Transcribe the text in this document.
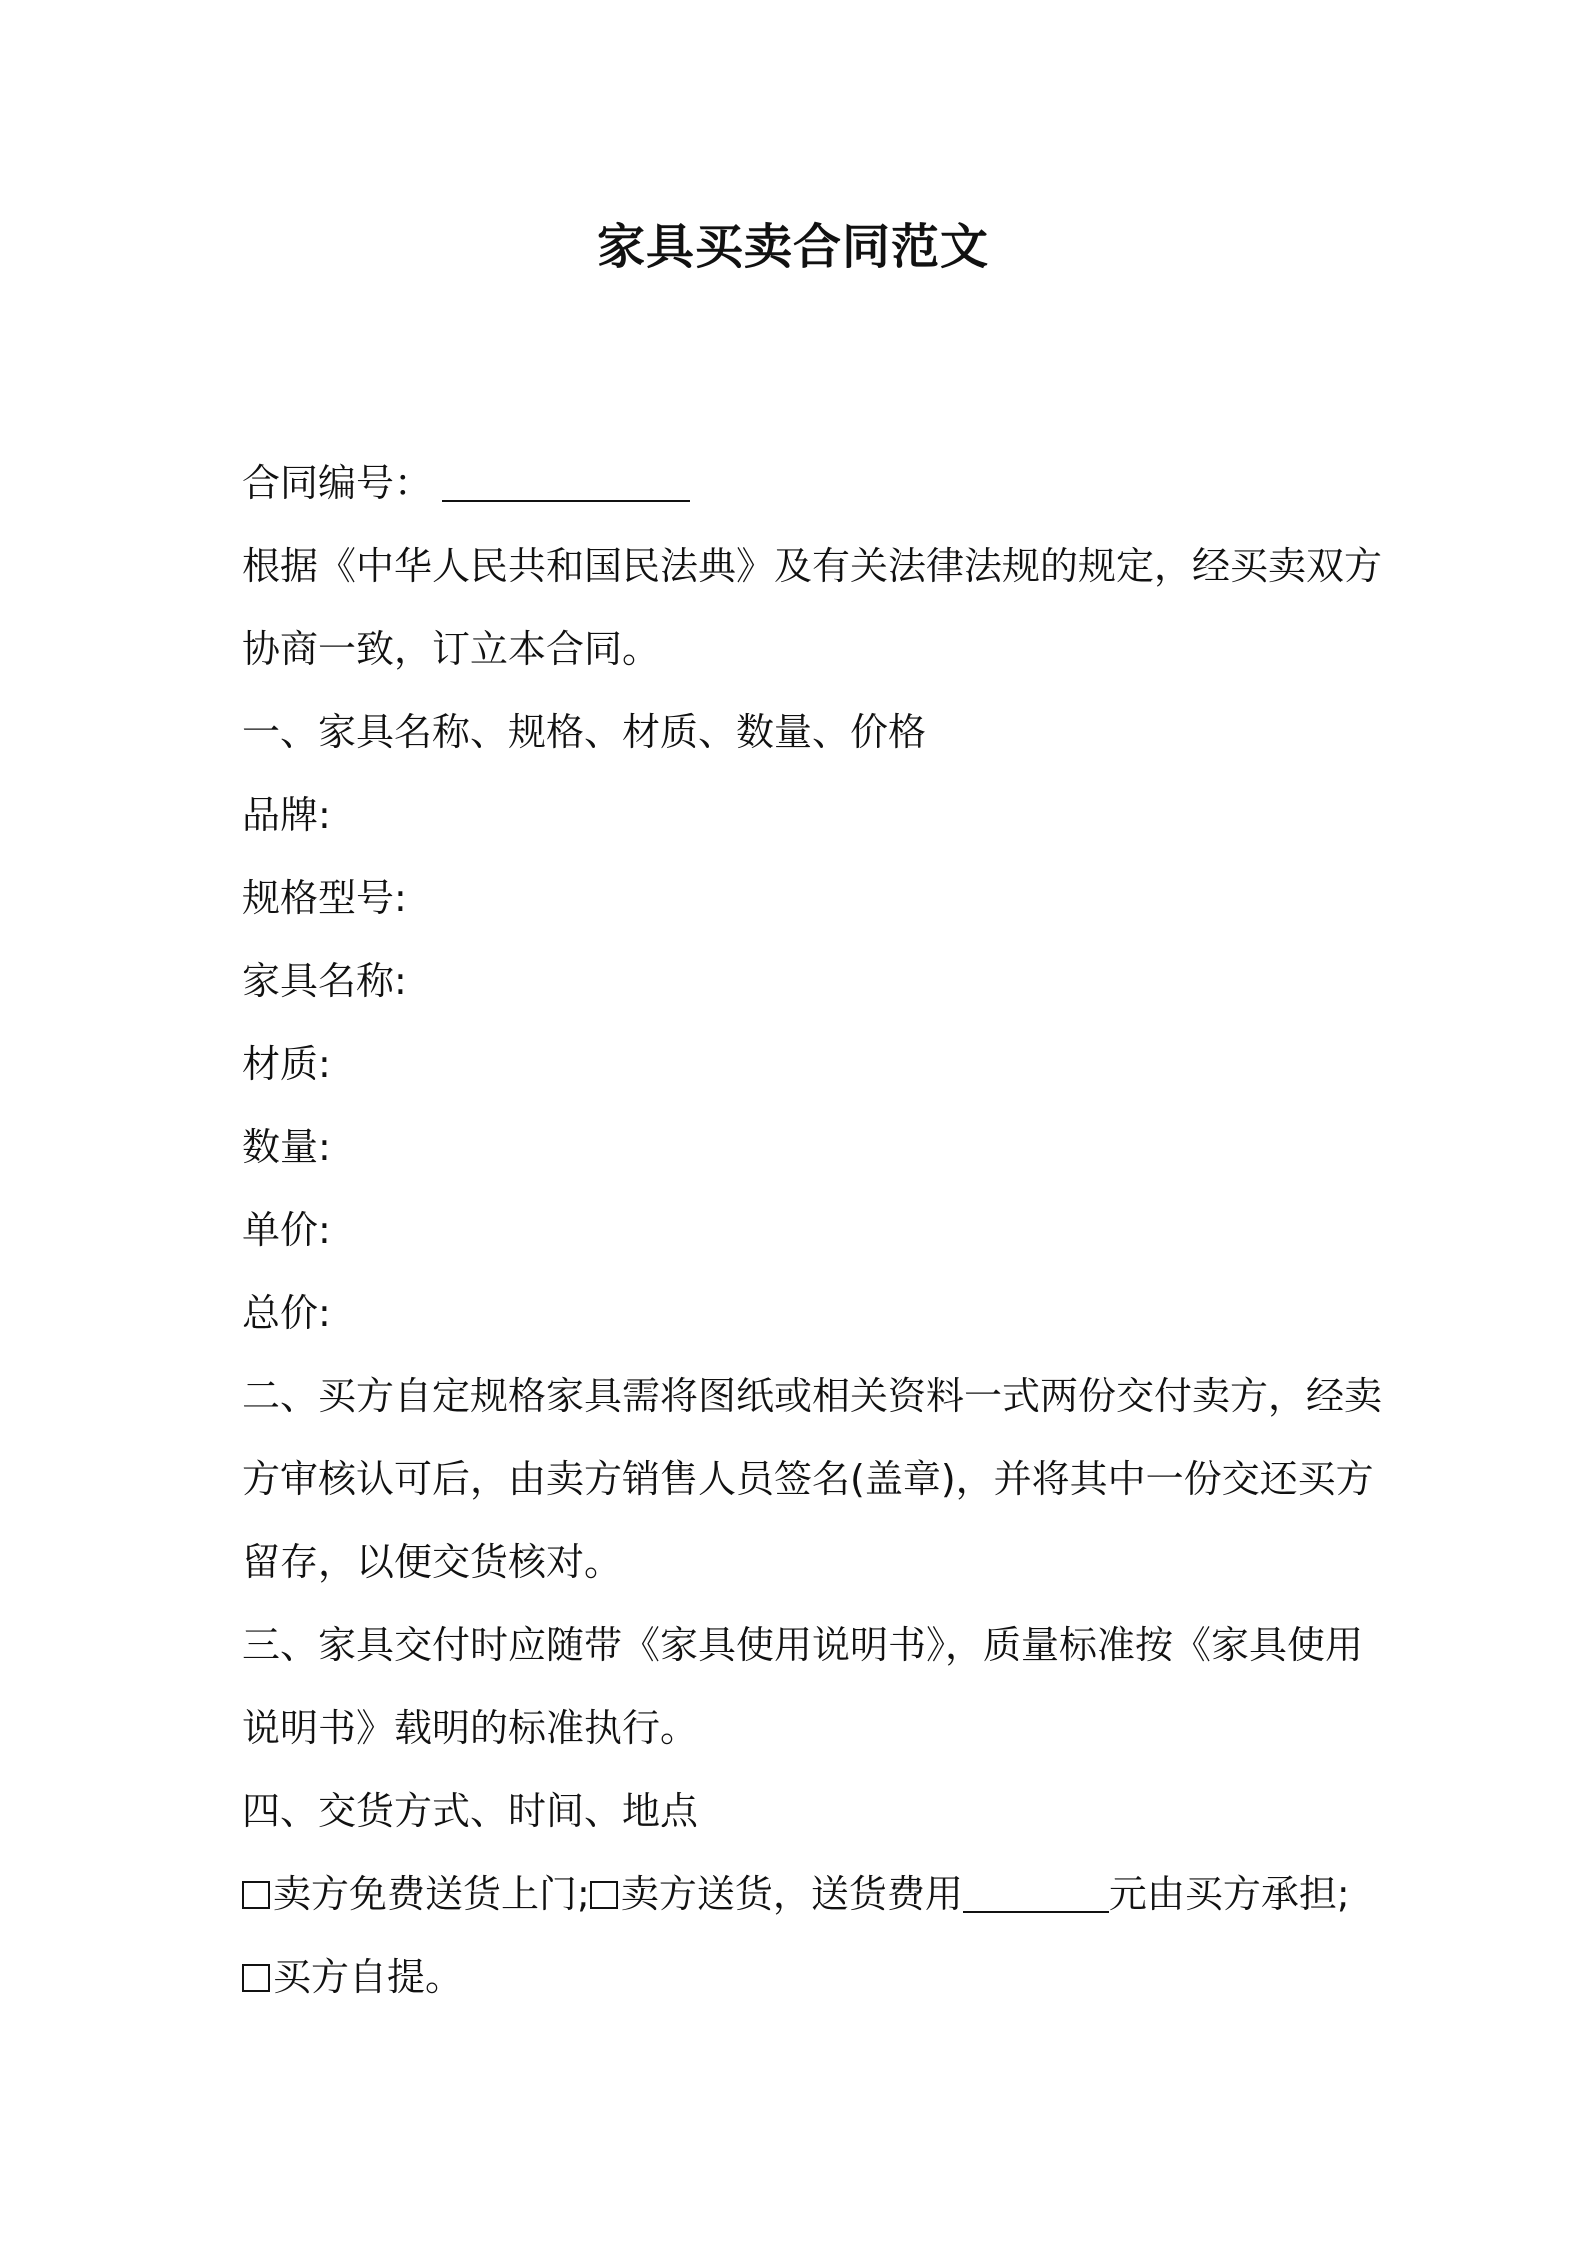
家具买卖合同范文
合同编号：
根据《中华人民共和国民法典》及有关法律法规的规定，经买卖双方
协商一致，订立本合同。
一、家具名称、规格、材质、数量、价格
品牌:
规格型号:
家具名称:
材质:
数量:
单价:
总价:
二、买方自定规格家具需将图纸或相关资料一式两份交付卖方，经卖
方审核认可后，由卖方销售人员签名(盖章)，并将其中一份交还买方
留存，以便交货核对。
三、家具交付时应随带《家具使用说明书》，质量标准按《家具使用
说明书》载明的标准执行。
四、交货方式、时间、地点
卖方免费送货上门; 卖方送货，送货费用	元由买方承担;
买方自提。
